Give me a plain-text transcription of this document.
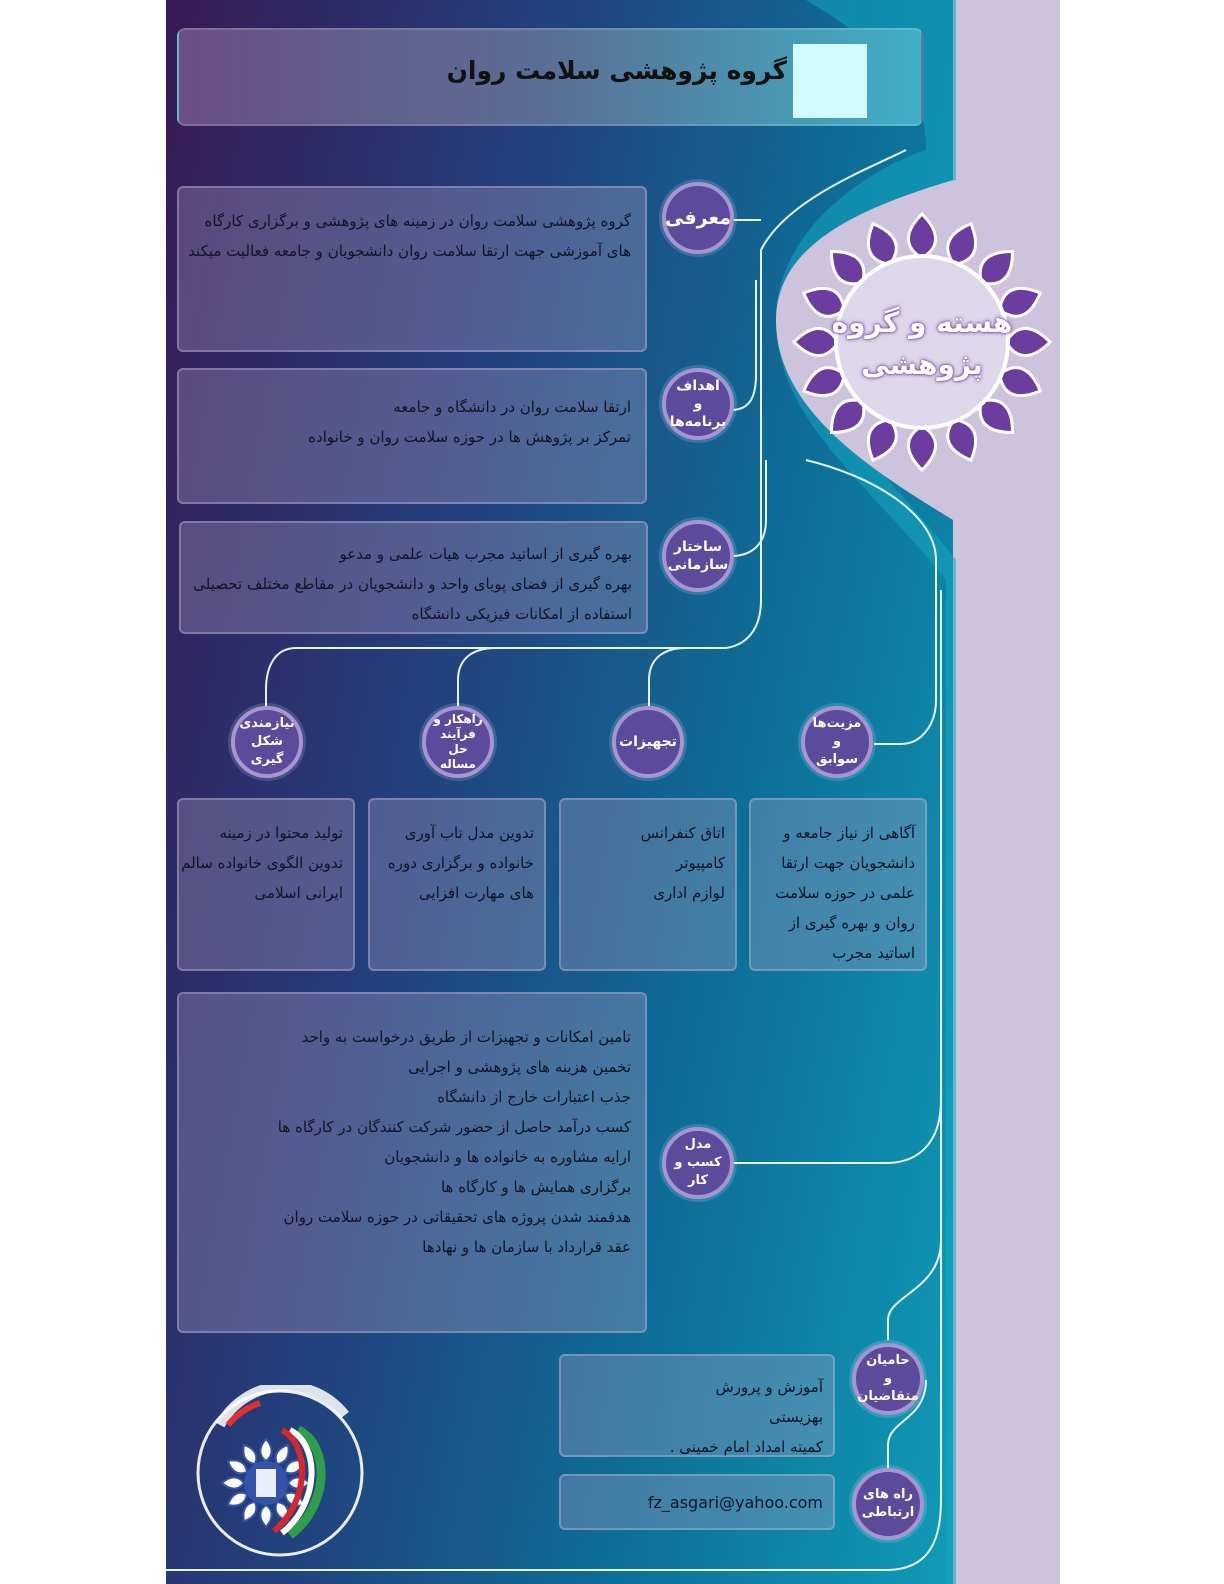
هسته و گروه
پژوهشی
گروه پژوهشی سلامت روان
گروه پژوهشی سلامت روان در زمینه های پژوهشی و برگزاری کارگاه
های آموزشی جهت ارتقا سلامت روان دانشجویان و جامعه فعالیت میکند
معرفی
ارتقا سلامت روان در دانشگاه و جامعه
تمرکز بر پژوهش ها در حوزه سلامت روان و خانواده
اهداف و
برنامه‌ها
بهره گیری از اساتید مجرب هیات علمی و مدعو
بهره گیری از فضای پویای واحد و دانشجویان در مقاطع مختلف تحصیلی
استفاده از امکانات فیزیکی دانشگاه
ساختار
سازمانی
نیازمندی
شکل گیری
راهکار و
فرآیند
حل مساله
تجهیزات
مزیت‌ها و
سوابق
تولید محتوا در زمینه
تدوین الگوی خانواده سالم
ایرانی اسلامی
تدوین مدل تاب آوری
خانواده و برگزاری دوره
های مهارت افزایی
اتاق کنفرانس
کامپیوتر
لوازم اداری
آگاهی از نیاز جامعه و
دانشجویان جهت ارتقا
علمی در حوزه سلامت
روان و بهره گیری از
اساتید مجرب
تامین امکانات و تجهیزات از طریق درخواست به واحد
تخمین هزینه های پژوهشی و اجرایی
جذب اعتبارات خارج از دانشگاه
کسب درآمد حاصل از حضور شرکت کنندگان در کارگاه ها
ارایه مشاوره به خانواده ها و دانشجویان
برگزاری همایش ها و کارگاه ها
هدفمند شدن پروژه های تحقیقاتی در حوزه سلامت روان
عقد قرارداد با سازمان ها و نهادها
مدل
کسب و کار
آموزش و پرورش
بهزیستی
کمیته امداد امام خمینی .
حامیان و
متقاضیان
fz_asgari@yahoo.com	راه های
ارتباطی
